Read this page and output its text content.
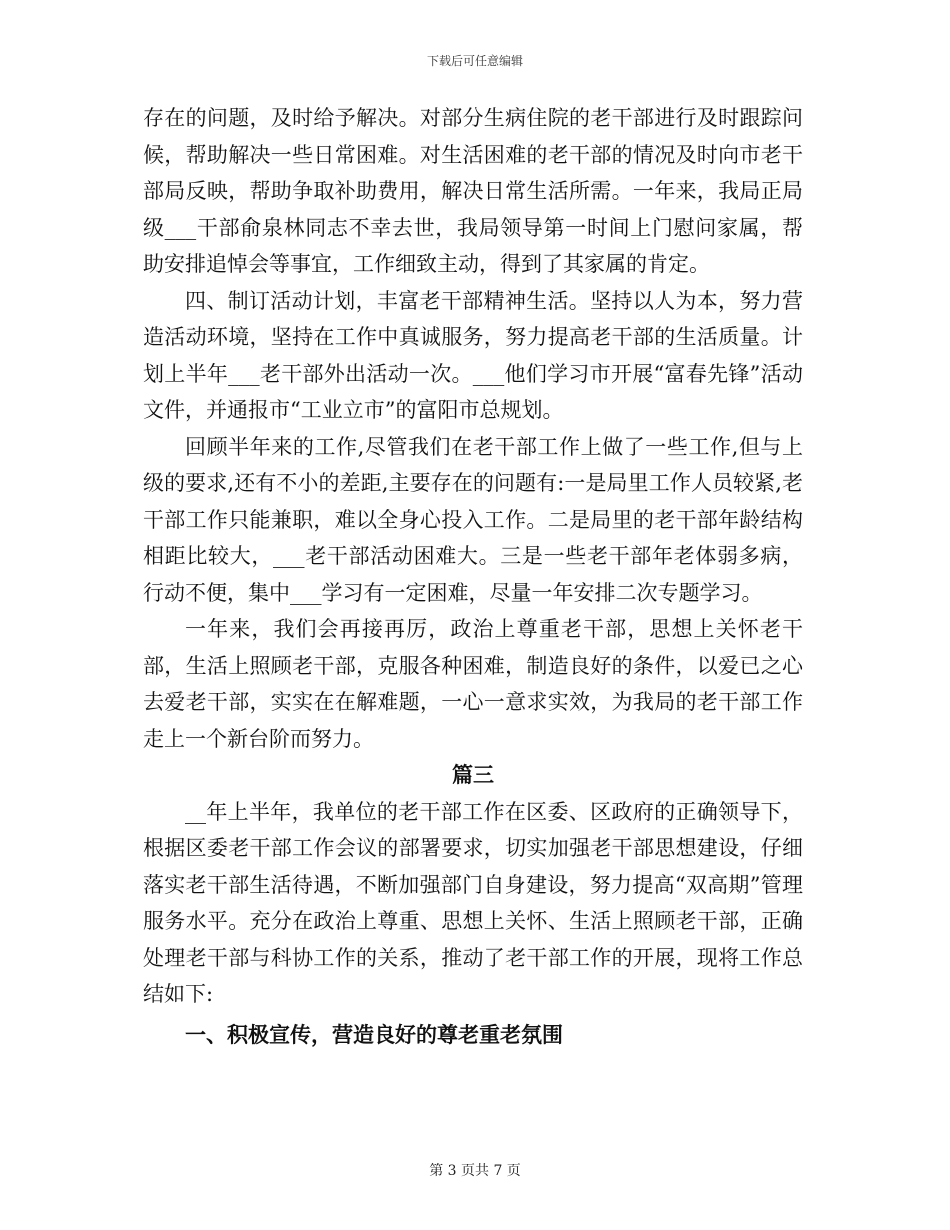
下载后可任意编辑

存在的问题，及时给予解决。对部分生病住院的老干部进行及时跟踪问候，帮助解决一些日常困难。对生活困难的老干部的情况及时向市老干部局反映，帮助争取补助费用，解决日常生活所需。一年来，我局正局级___干部俞泉林同志不幸去世，我局领导第一时间上门慰问家属，帮助安排追悼会等事宜，工作细致主动，得到了其家属的肯定。

四、制订活动计划，丰富老干部精神生活。坚持以人为本，努力营造活动环境，坚持在工作中真诚服务，努力提高老干部的生活质量。计划上半年___老干部外出活动一次。___他们学习市开展“富春先锋”活动文件，并通报市“工业立市”的富阳市总规划。

回顾半年来的工作,尽管我们在老干部工作上做了一些工作,但与上级的要求,还有不小的差距,主要存在的问题有:一是局里工作人员较紧,老干部工作只能兼职，难以全身心投入工作。二是局里的老干部年龄结构相距比较大，___老干部活动困难大。三是一些老干部年老体弱多病，行动不便，集中___学习有一定困难，尽量一年安排二次专题学习。

一年来，我们会再接再厉，政治上尊重老干部，思想上关怀老干部，生活上照顾老干部，克服各种困难，制造良好的条件，以爱已之心去爱老干部，实实在在解难题，一心一意求实效，为我局的老干部工作走上一个新台阶而努力。

篇三

__年上半年，我单位的老干部工作在区委、区政府的正确领导下，根据区委老干部工作会议的部署要求，切实加强老干部思想建设，仔细落实老干部生活待遇，不断加强部门自身建设，努力提高“双高期”管理服务水平。充分在政治上尊重、思想上关怀、生活上照顾老干部，正确处理老干部与科协工作的关系，推动了老干部工作的开展，现将工作总结如下:

一、积极宣传，营造良好的尊老重老氛围

第 3 页共 7 页
